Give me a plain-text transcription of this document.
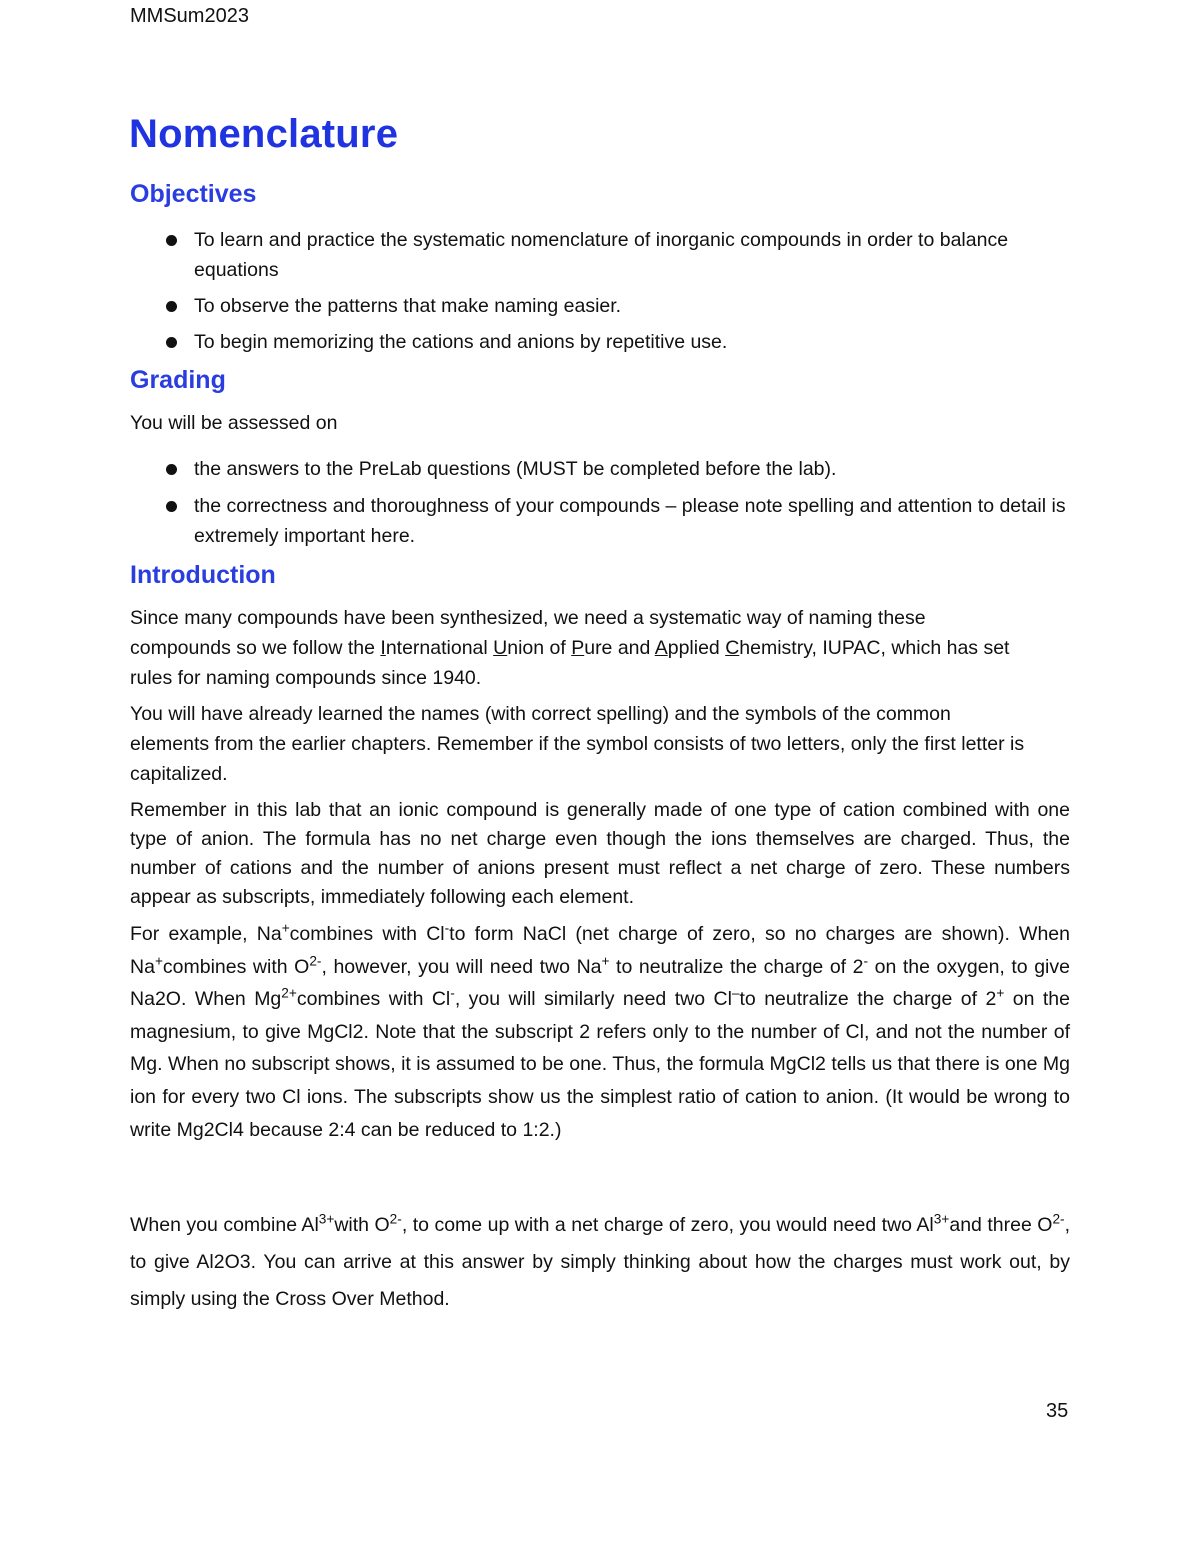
MMSum2023
Nomenclature
Objectives
To learn and practice the systematic nomenclature of inorganic compounds in order to balance equations
To observe the patterns that make naming easier.
To begin memorizing the cations and anions by repetitive use.
Grading
You will be assessed on
the answers to the PreLab questions (MUST be completed before the lab).
the correctness and thoroughness of your compounds – please note spelling and attention to detail is extremely important here.
Introduction
Since many compounds have been synthesized, we need a systematic way of naming these compounds so we follow the International Union of Pure and Applied Chemistry, IUPAC, which has set rules for naming compounds since 1940.
You will have already learned the names (with correct spelling) and the symbols of the common elements from the earlier chapters. Remember if the symbol consists of two letters, only the first letter is capitalized.
Remember in this lab that an ionic compound is generally made of one type of cation combined with one type of anion. The formula has no net charge even though the ions themselves are charged. Thus, the number of cations and the number of anions present must reflect a net charge of zero. These numbers appear as subscripts, immediately following each element.
For example, Na+combines with Cl-to form NaCl (net charge of zero, so no charges are shown). When Na+combines with $O^{2-}$, however, you will need two Na+ to neutralize the charge of 2- on the oxygen, to give Na2O. When $Mg^{2+}combines$ with Cl-, you will similarly need two Cl–to neutralize the charge of 2+ on the magnesium, to give MgCl2. Note that the subscript 2 refers only to the number of Cl, and not the number of Mg. When no subscript shows, it is assumed to be one. Thus, the formula MgCl2 tells us that there is one Mg ion for every two Cl ions. The subscripts show us the simplest ratio of cation to anion. (It would be wrong to write Mg2Cl4 because 2:4 can be reduced to 1:2.)
When you combine $Al^{3+}with$ $O^{2-}$, to come up with a net charge of zero, you would need two $Al^{3+}and$ three $O^{2-}$, to give Al2O3. You can arrive at this answer by simply thinking about how the charges must work out, by simply using the Cross Over Method.
35
